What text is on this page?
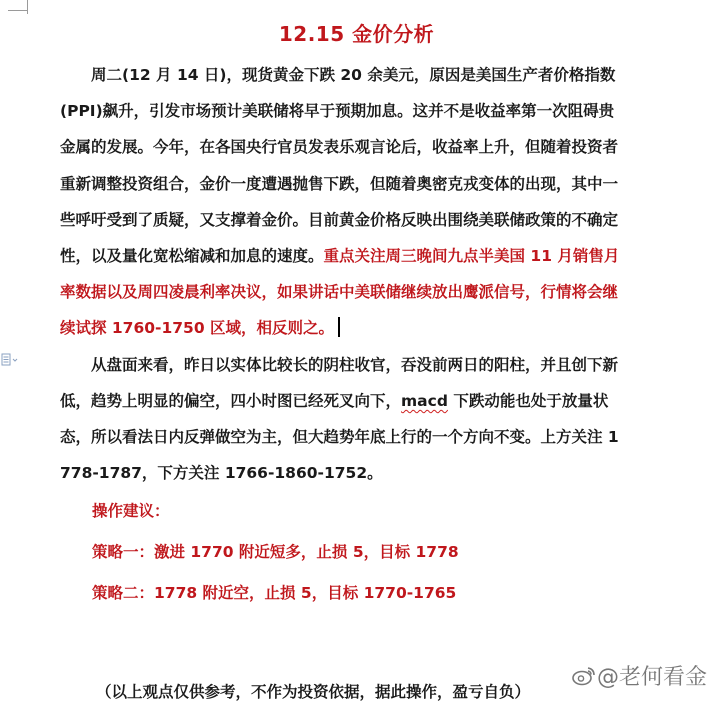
12.15 金价分析

周二(12 月 14 日)，现货黄金下跌 20 余美元，原因是美国生产者价格指数(PPI)飙升，引发市场预计美联储将早于预期加息。这并不是收益率第一次阻碍贵金属的发展。今年，在各国央行官员发表乐观言论后，收益率上升，但随着投资者重新调整投资组合，金价一度遭遇抛售下跌，但随着奥密克戎变体的出现，其中一些呼吁受到了质疑，又支撑着金价。目前黄金价格反映出围绕美联储政策的不确定性，以及量化宽松缩减和加息的速度。重点关注周三晚间九点半美国 11 月销售月率数据以及周四凌晨利率决议，如果讲话中美联储继续放出鹰派信号，行情将会继续试探 1760-1750 区域，相反则之。

从盘面来看，昨日以实体比较长的阴柱收官，吞没前两日的阳柱，并且创下新低，趋势上明显的偏空，四小时图已经死叉向下，macd 下跌动能也处于放量状态，所以看法日内反弹做空为主，但大趋势年底上行的一个方向不变。上方关注 1778-1787，下方关注 1766-1860-1752。

操作建议：

策略一：激进 1770 附近短多，止损 5，目标 1778

策略二：1778 附近空，止损 5，目标 1770-1765

（以上观点仅供参考，不作为投资依据，据此操作，盈亏自负）
@老何看金
